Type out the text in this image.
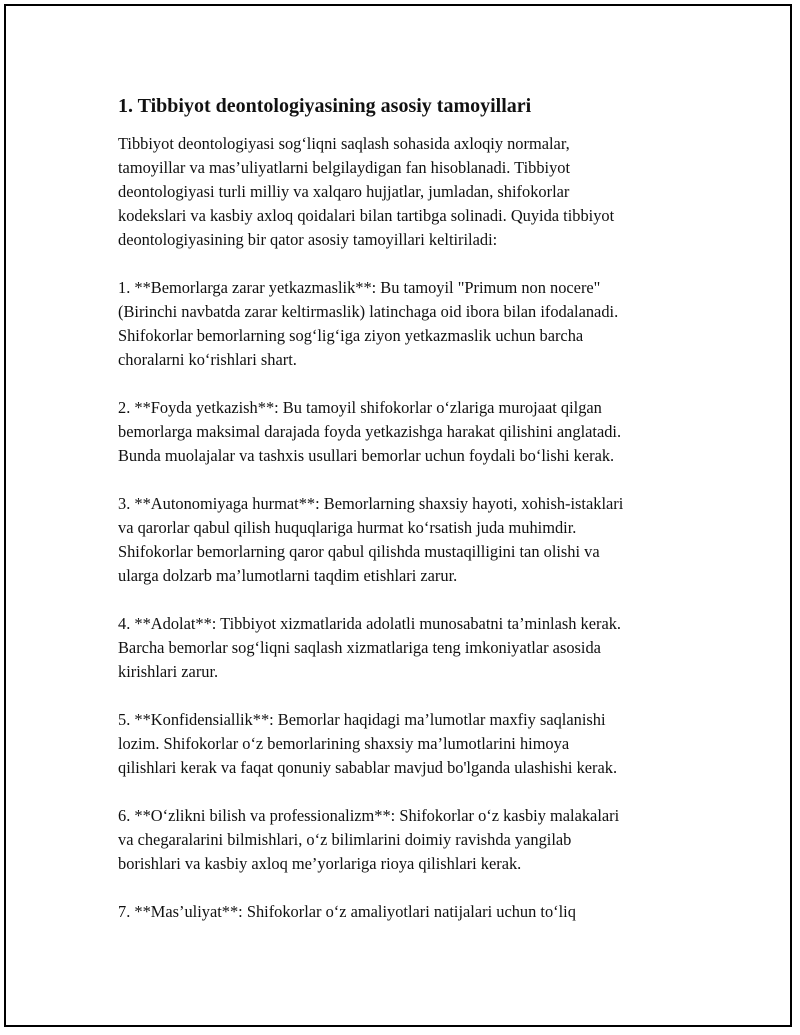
1. Tibbiyot deontologiyasining asosiy tamoyillari
Tibbiyot deontologiyasi sog‘liqni saqlash sohasida axloqiy normalar,
tamoyillar va mas’uliyatlarni belgilaydigan fan hisoblanadi. Tibbiyot
deontologiyasi turli milliy va xalqaro hujjatlar, jumladan, shifokorlar
kodekslari va kasbiy axloq qoidalari bilan tartibga solinadi. Quyida tibbiyot
deontologiyasining bir qator asosiy tamoyillari keltiriladi:
1. **Bemorlarga zarar yetkazmaslik**: Bu tamoyil "Primum non nocere"
(Birinchi navbatda zarar keltirmaslik) latinchaga oid ibora bilan ifodalanadi.
Shifokorlar bemorlarning sog‘lig‘iga ziyon yetkazmaslik uchun barcha
choralarni ko‘rishlari shart.
2. **Foyda yetkazish**: Bu tamoyil shifokorlar o‘zlariga murojaat qilgan
bemorlarga maksimal darajada foyda yetkazishga harakat qilishini anglatadi.
Bunda muolajalar va tashxis usullari bemorlar uchun foydali bo‘lishi kerak.
3. **Autonomiyaga hurmat**: Bemorlarning shaxsiy hayoti, xohish-istaklari
va qarorlar qabul qilish huquqlariga hurmat ko‘rsatish juda muhimdir.
Shifokorlar bemorlarning qaror qabul qilishda mustaqilligini tan olishi va
ularga dolzarb ma’lumotlarni taqdim etishlari zarur.
4. **Adolat**: Tibbiyot xizmatlarida adolatli munosabatni ta’minlash kerak.
Barcha bemorlar sog‘liqni saqlash xizmatlariga teng imkoniyatlar asosida
kirishlari zarur.
5. **Konfidensiallik**: Bemorlar haqidagi ma’lumotlar maxfiy saqlanishi
lozim. Shifokorlar o‘z bemorlarining shaxsiy ma’lumotlarini himoya
qilishlari kerak va faqat qonuniy sabablar mavjud bo'lganda ulashishi kerak.
6. **O‘zlikni bilish va professionalizm**: Shifokorlar o‘z kasbiy malakalari
va chegaralarini bilmishlari, o‘z bilimlarini doimiy ravishda yangilab
borishlari va kasbiy axloq me’yorlariga rioya qilishlari kerak.
7. **Mas’uliyat**: Shifokorlar o‘z amaliyotlari natijalari uchun to‘liq
